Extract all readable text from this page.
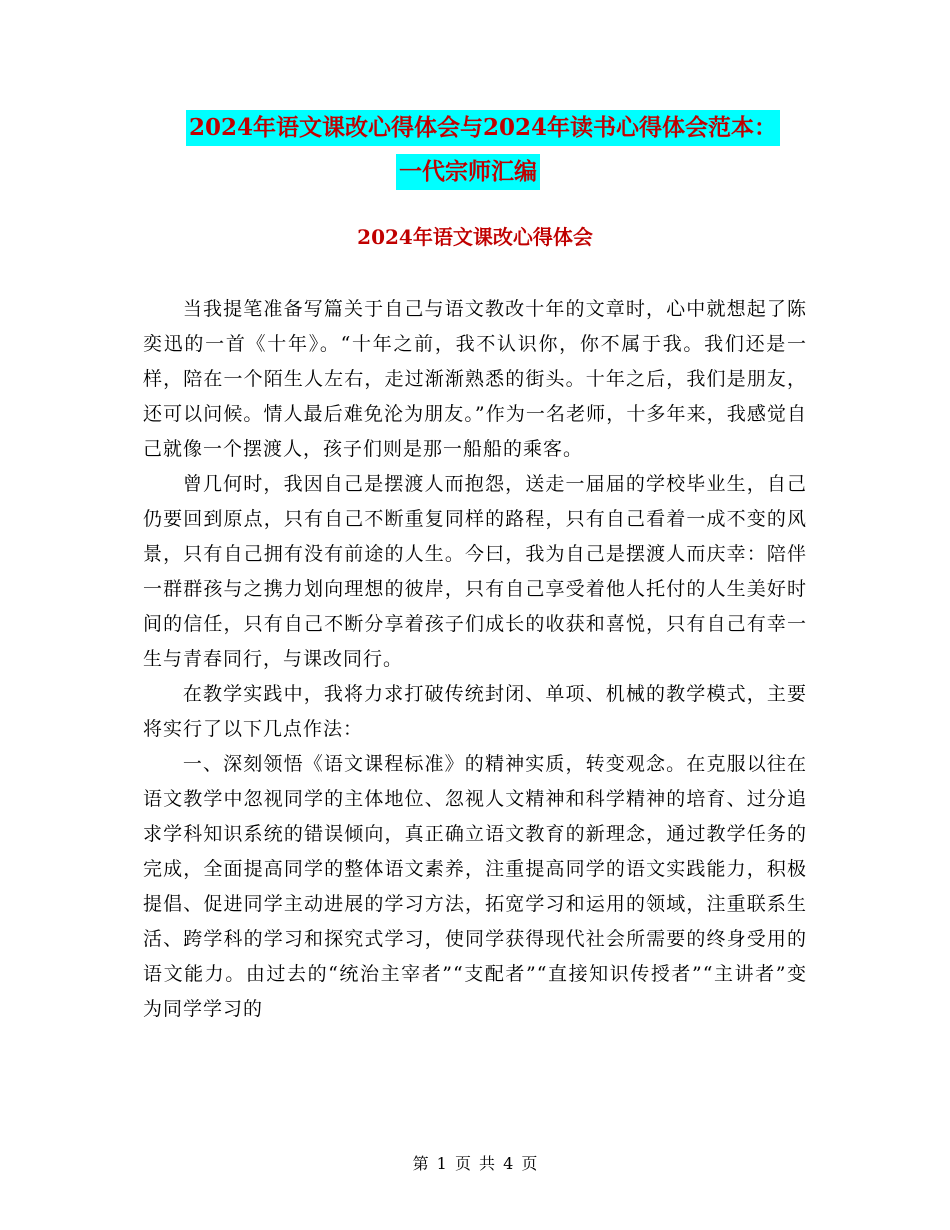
2024年语文课改心得体会与2024年读书心得体会范本：
一代宗师汇编
2024年语文课改心得体会

当我提笔准备写篇关于自己与语文教改十年的文章时，心中就想起了陈奕迅的一首《十年》。“十年之前，我不认识你，你不属于我。我们还是一样，陪在一个陌生人左右，走过渐渐熟悉的街头。十年之后，我们是朋友，还可以问候。情人最后难免沦为朋友。”作为一名老师，十多年来，我感觉自己就像一个摆渡人，孩子们则是那一船船的乘客。

曾几何时，我因自己是摆渡人而抱怨，送走一届届的学校毕业生，自己仍要回到原点，只有自己不断重复同样的路程，只有自己看着一成不变的风景，只有自己拥有没有前途的人生。今曰，我为自己是摆渡人而庆幸：陪伴一群群孩与之携力划向理想的彼岸，只有自己享受着他人托付的人生美好时间的信任，只有自己不断分享着孩子们成长的收获和喜悦，只有自己有幸一生与青春同行，与课改同行。

在教学实践中，我将力求打破传统封闭、单项、机械的教学模式，主要将实行了以下几点作法：

一、深刻领悟《语文课程标准》的精神实质，转变观念。在克服以往在语文教学中忽视同学的主体地位、忽视人文精神和科学精神的培育、过分追求学科知识系统的错误倾向，真正确立语文教育的新理念，通过教学任务的完成，全面提高同学的整体语文素养，注重提高同学的语文实践能力，积极提倡、促进同学主动进展的学习方法，拓宽学习和运用的领域，注重联系生活、跨学科的学习和探究式学习，使同学获得现代社会所需要的终身受用的语文能力。由过去的“统治主宰者”“支配者”“直接知识传授者”“主讲者”变为同学学习的

第 1 页 共 4 页
